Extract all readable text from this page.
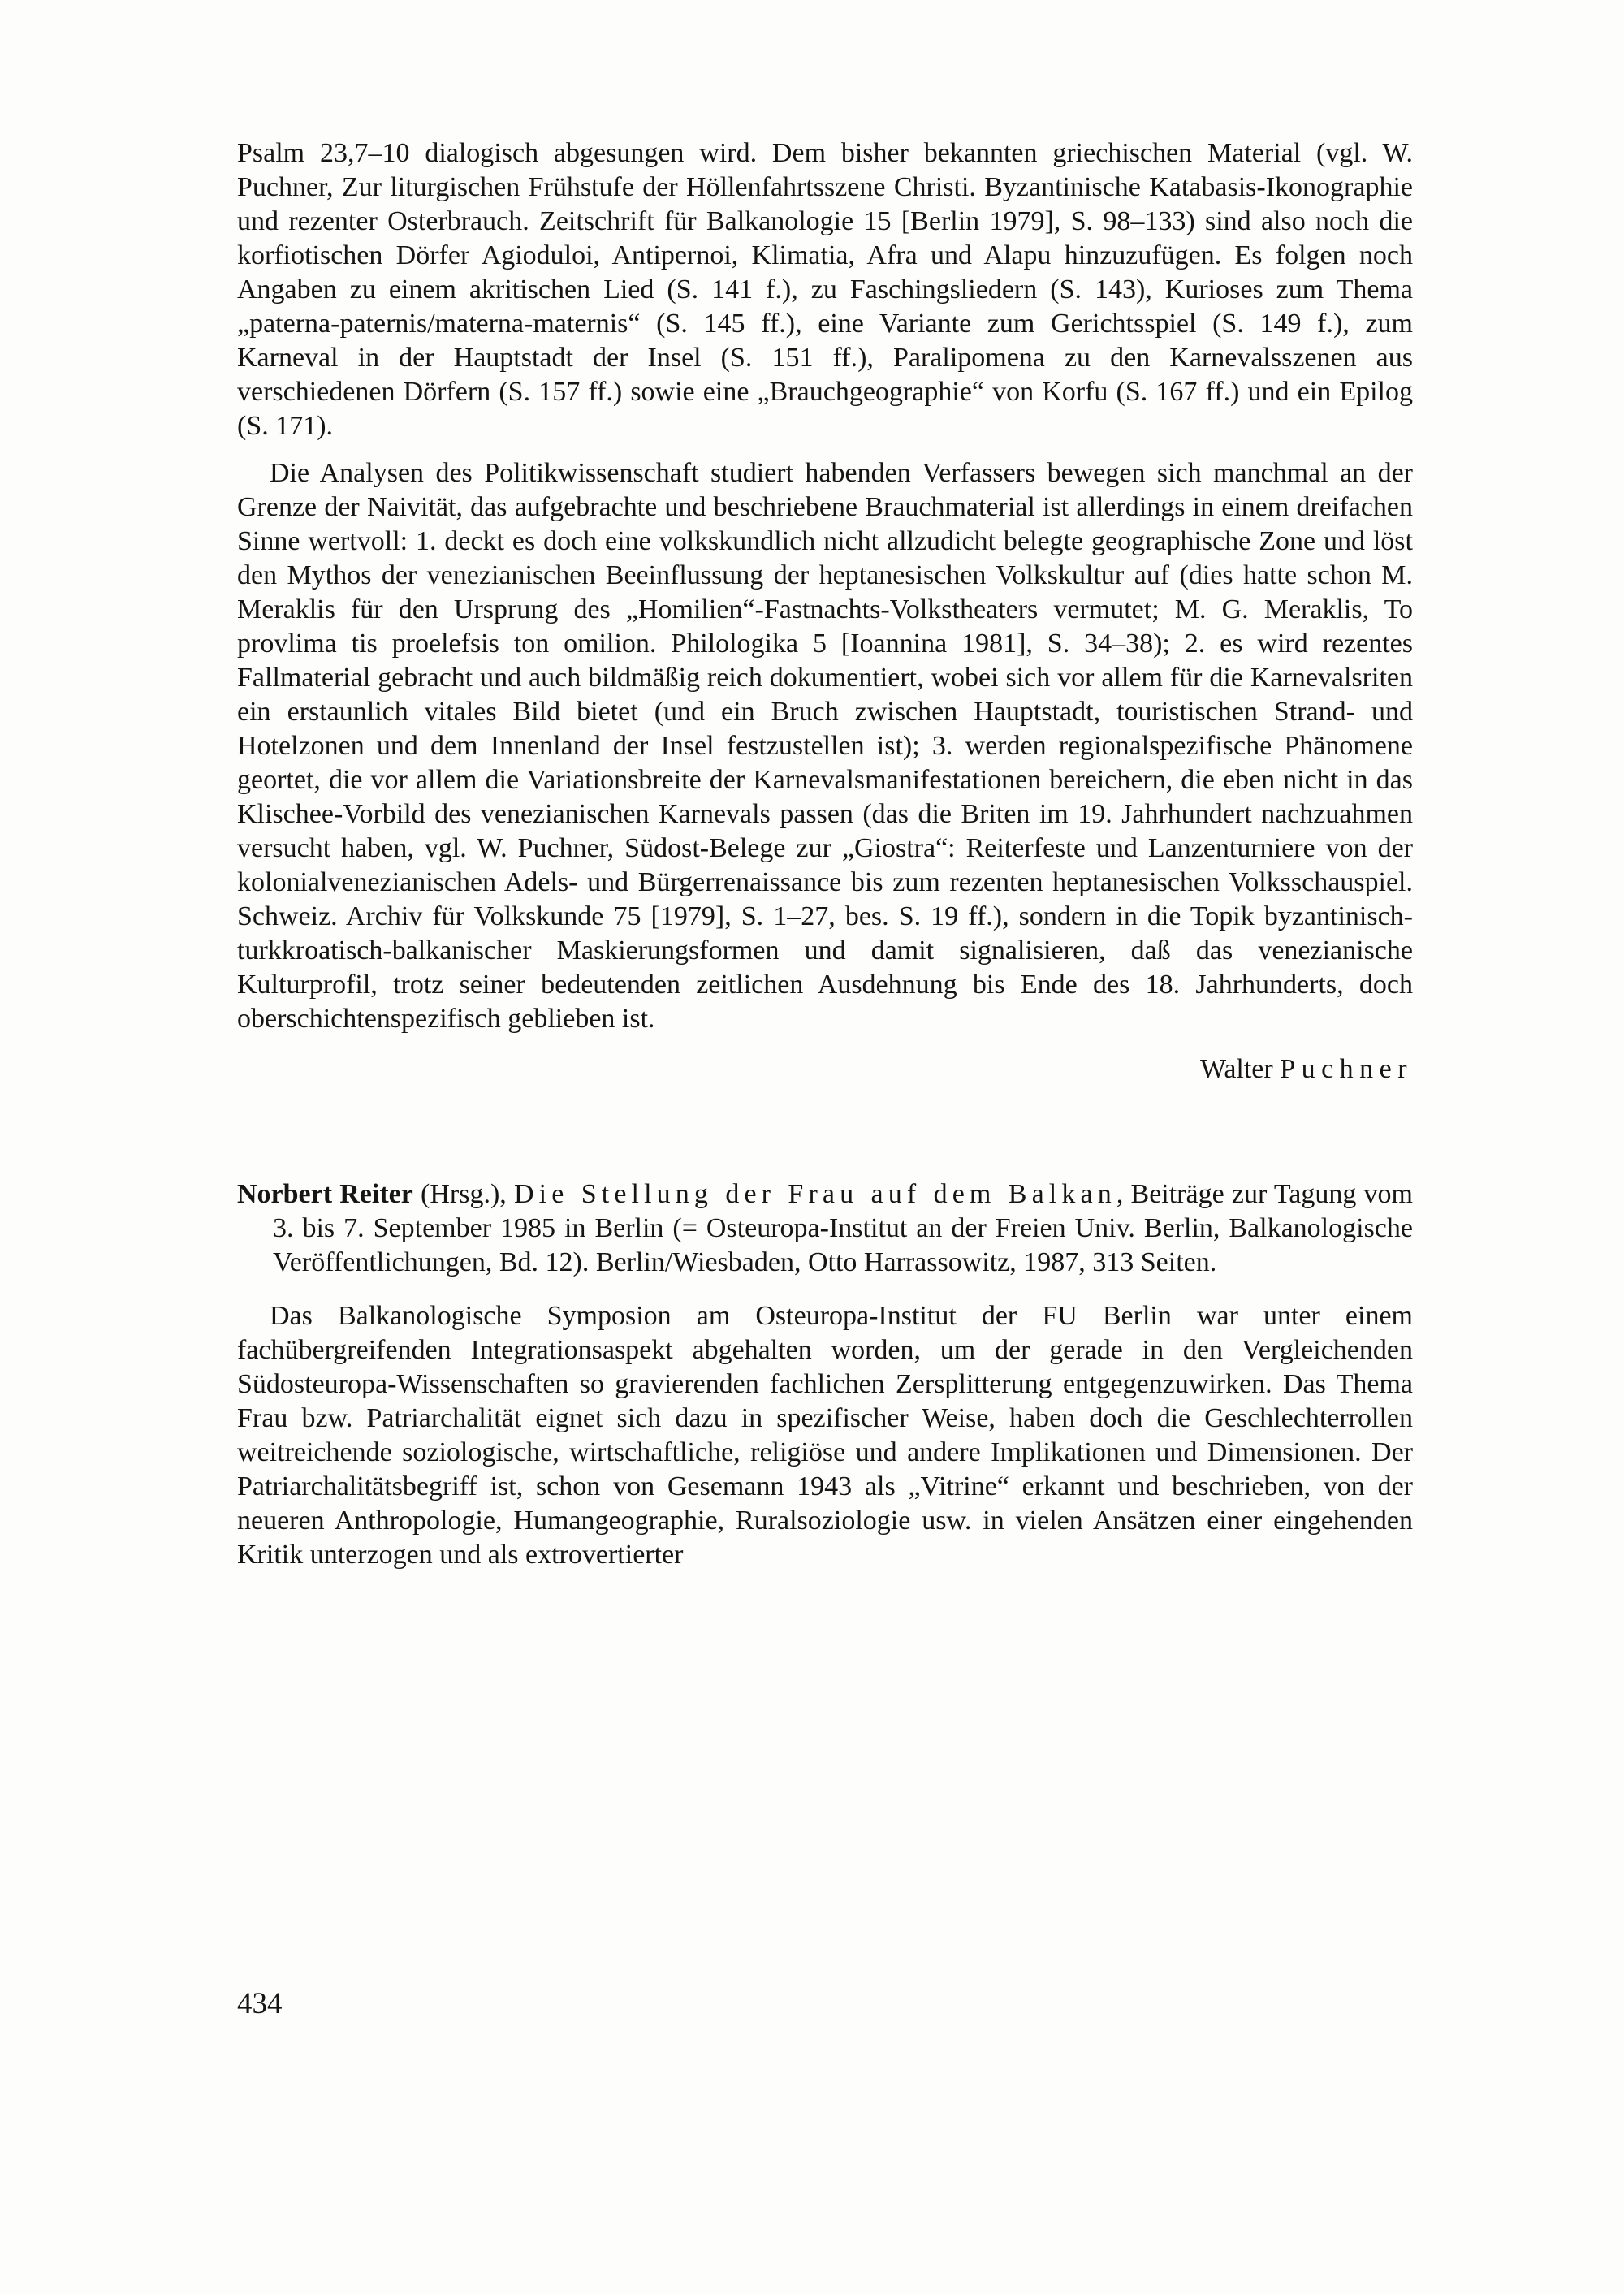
Psalm 23,7–10 dialogisch abgesungen wird. Dem bisher bekannten griechischen Material (vgl. W. Puchner, Zur liturgischen Frühstufe der Höllenfahrtsszene Christi. Byzantinische Katabasis-Ikonographie und rezenter Osterbrauch. Zeitschrift für Balkanologie 15 [Berlin 1979], S. 98–133) sind also noch die korfiotischen Dörfer Agioduloi, Antipernoi, Klimatia, Afra und Alapu hinzuzufügen. Es folgen noch Angaben zu einem akritischen Lied (S. 141 f.), zu Faschingsliedern (S. 143), Kurioses zum Thema „paterna-paternis/materna-maternis“ (S. 145 ff.), eine Variante zum Gerichtsspiel (S. 149 f.), zum Karneval in der Hauptstadt der Insel (S. 151 ff.), Paralipomena zu den Karnevalsszenen aus verschiedenen Dörfern (S. 157 ff.) sowie eine „Brauchgeographie“ von Korfu (S. 167 ff.) und ein Epilog (S. 171).

Die Analysen des Politikwissenschaft studiert habenden Verfassers bewegen sich manchmal an der Grenze der Naivität, das aufgebrachte und beschriebene Brauchmaterial ist allerdings in einem dreifachen Sinne wertvoll: 1. deckt es doch eine volkskundlich nicht allzudicht belegte geographische Zone und löst den Mythos der venezianischen Beeinflussung der heptanesischen Volkskultur auf (dies hatte schon M. Meraklis für den Ursprung des „Homilien“-Fastnachts-Volkstheaters vermutet; M. G. Meraklis, To provlima tis proelefsis ton omilion. Philologika 5 [Ioannina 1981], S. 34–38); 2. es wird rezentes Fallmaterial gebracht und auch bildmäßig reich dokumentiert, wobei sich vor allem für die Karnevalsriten ein erstaunlich vitales Bild bietet (und ein Bruch zwischen Hauptstadt, touristischen Strand- und Hotelzonen und dem Innenland der Insel festzustellen ist); 3. werden regionalspezifische Phänomene geortet, die vor allem die Variationsbreite der Karnevalsmanifestationen bereichern, die eben nicht in das Klischee-Vorbild des venezianischen Karnevals passen (das die Briten im 19. Jahrhundert nachzuahmen versucht haben, vgl. W. Puchner, Südost-Belege zur „Giostra“: Reiterfeste und Lanzenturniere von der kolonialvenezianischen Adels- und Bürgerrenaissance bis zum rezenten heptanesischen Volksschauspiel. Schweiz. Archiv für Volkskunde 75 [1979], S. 1–27, bes. S. 19 ff.), sondern in die Topik byzantinisch-turkkroatisch-balkanischer Maskierungsformen und damit signalisieren, daß das venezianische Kulturprofil, trotz seiner bedeutenden zeitlichen Ausdehnung bis Ende des 18. Jahrhunderts, doch oberschichtenspezifisch geblieben ist.

Walter Puchner

Norbert Reiter (Hrsg.), Die Stellung der Frau auf dem Balkan, Beiträge zur Tagung vom 3. bis 7. September 1985 in Berlin (= Osteuropa-Institut an der Freien Univ. Berlin, Balkanologische Veröffentlichungen, Bd. 12). Berlin/Wiesbaden, Otto Harrassowitz, 1987, 313 Seiten.

Das Balkanologische Symposion am Osteuropa-Institut der FU Berlin war unter einem fachübergreifenden Integrationsaspekt abgehalten worden, um der gerade in den Vergleichenden Südosteuropa-Wissenschaften so gravierenden fachlichen Zersplitterung entgegenzuwirken. Das Thema Frau bzw. Patriarchalität eignet sich dazu in spezifischer Weise, haben doch die Geschlechterrollen weitreichende soziologische, wirtschaftliche, religiöse und andere Implikationen und Dimensionen. Der Patriarchalitätsbegriff ist, schon von Gesemann 1943 als „Vitrine“ erkannt und beschrieben, von der neueren Anthropologie, Humangeographie, Ruralsoziologie usw. in vielen Ansätzen einer eingehenden Kritik unterzogen und als extrovertierter

434
